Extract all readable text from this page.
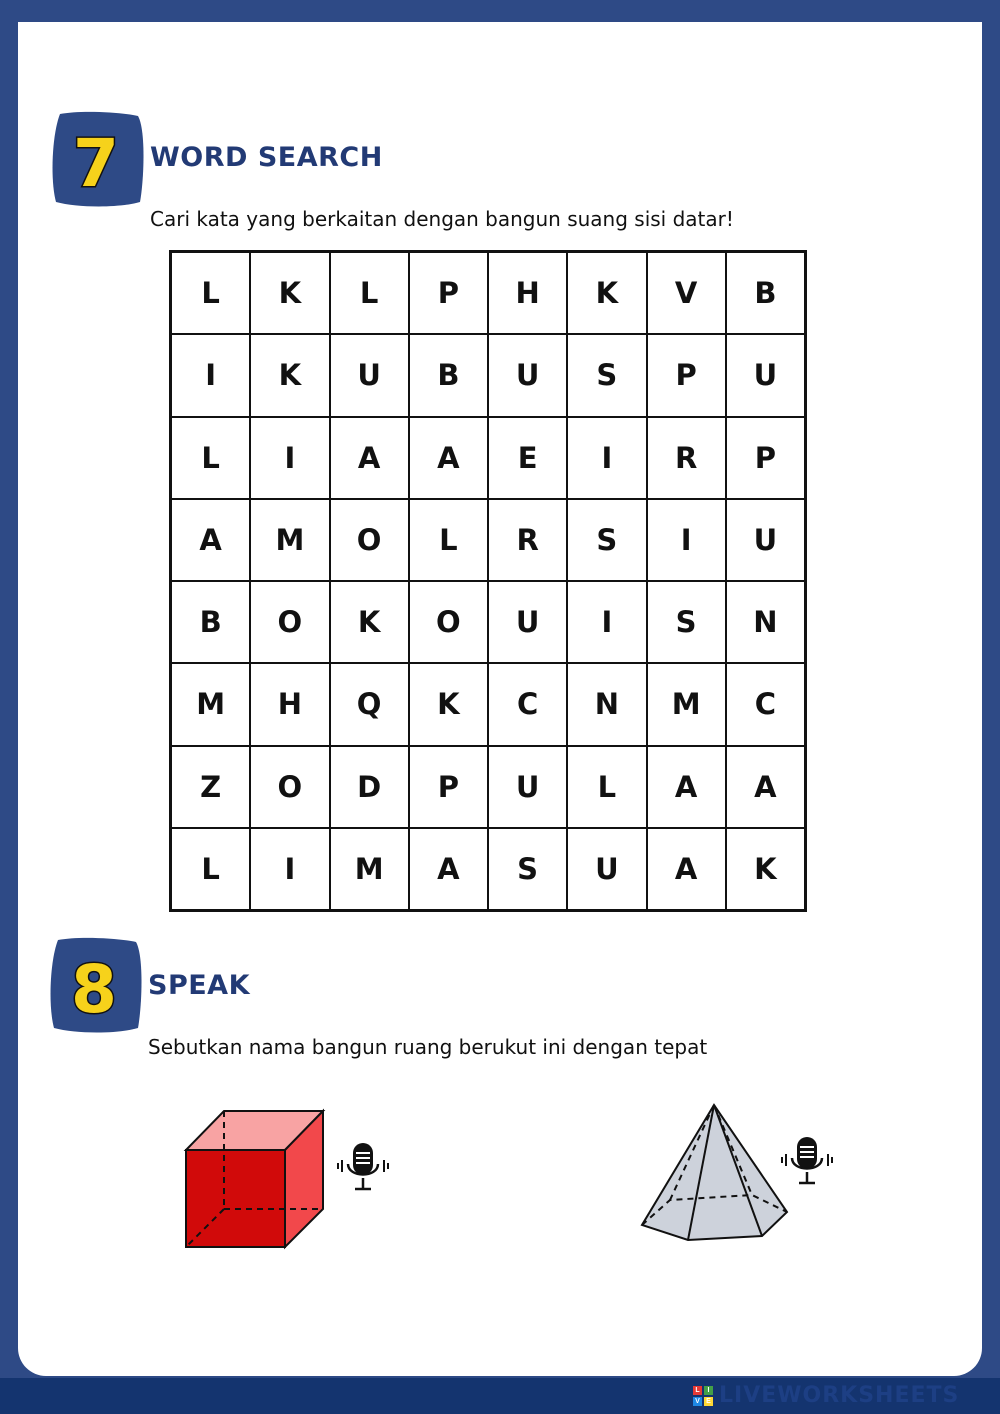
7 WORD SEARCH
Cari kata yang berkaitan dengan bangun suang sisi datar!
L	K	L	P	H	K	V	B
I	K	U	B	U	S	P	U
L	I	A	A	E	I	R	P
A	M	O	L	R	S	I	U
B	O	K	O	U	I	S	N
M	H	Q	K	C	N	M	C
Z	O	D	P	U	L	A	A
L	I	M	A	S	U	A	K
8 SPEAK
Sebutkan nama bangun ruang berukut ini dengan tepat
L	I
V E LIVEWORKSHEETS
